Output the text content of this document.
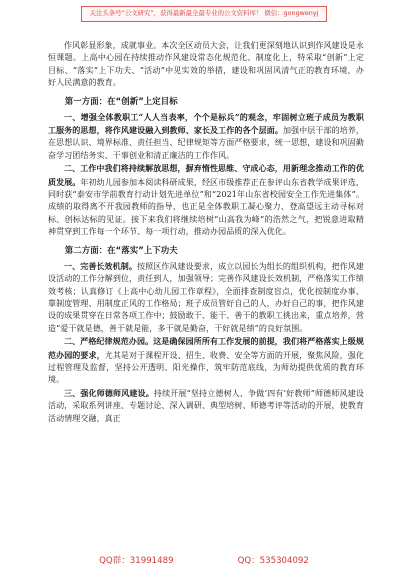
关注头条号“公文研究”，获得最新最全最专业的公文资料库！ 微信：gongwenyj

作风彰显形象，成就事业。本次全区动员大会，让我们更深刻地认识到作风建设是永恒课题。上高中心园在持续推动作风建设常态化规范化、制度化上，特采取“创新”上定目标、“落实”上下功夫、“活动”中见实效的举措，建设和巩固风清气正的教育环境，办好人民满意的教育。

第一方面：在“创新”上定目标

一、增强全体教职工“人人当表率，个个是标兵”的观念，牢固树立班子成员为教职工服务的思想，将作风建设融入到教师、家长及工作的各个层面。加强中层干部的培养，在思想认识、境界标准、责任担当、纪律规矩等方面严格要求，统一思想，建设和巩固勤奋学习团结务实、干事创业和清正廉洁的工作作风。

二、工作中我们将持续解放思想，摒弃惰性思维、守成心态，用新理念推动工作的优质发展。年初幼儿园参加本阅读科研成果，经区市级推荐正在参评山东省教学成果评选，同时获“泰安市学前教育行动计划先进单位”和“2021年山东省校园安全工作先进集体”。成绩的取得离不开我园教师的指导，也正是全体教职工凝心聚力、登高望远主动寻标对标、创标达标的见证。接下来我们将继续培树“山高我为峰”的浩然之气，把锐意进取精神贯穿到工作每一个环节、每一项行动，推动办园品质的深入优化。

第二方面：在“落实”上下功夫

一、完善长效机制。按照区作风建设要求，成立以园长为组长的组织机构，把作风建设活动的工作分解到位，责任到人，加强领导；完善作风建设长效机制，严格落实工作绩效考核；认真修订《上高中心幼儿园工作章程》，全面排查制度盲点，优化按制度办事、靠制度管理、用制度正风的工作格局；班子成员管好自己的人，办好自己的事，把作风建设的成果贯穿在日常各项工作中；鼓励敢干、能干、善干的教职工挑出来，重点培养，营造“爱干就是德，善干就是能，多干就是勤奋，干好就是绩”的良好氛围。

二、严格纪律规范办园。这是确保园所所有工作发展的前提，我们将严格落实上级规范办园的要求，尤其是对于课程开设、招生、收费、安全等方面的开展，聚焦风险，强化过程管理及监督，坚持公开透明、阳光操作，筑牢防范底线，为师幼提供优质的教育环境。

三、强化师德师风建设。持续开展“坚持立德树人、争做‘四有’好教师”师德师风建设活动，采取系列讲座、专题讨论、深入调研、典型培树、师德考评等活动的开展，使教育活动情理交融，真正

QQ群：31991489	QQ：535304092
